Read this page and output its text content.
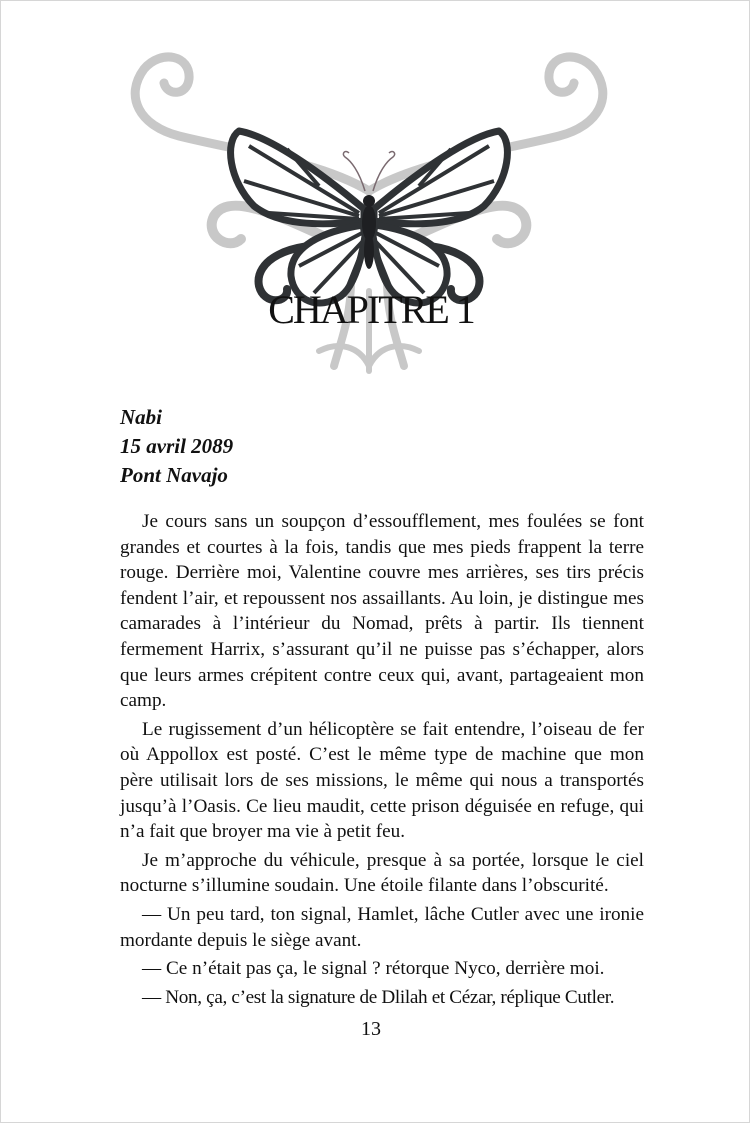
CHAPITRE 1
Nabi
15 avril 2089
Pont Navajo

Je cours sans un soupçon d’essoufflement, mes foulées se font grandes et courtes à la fois, tandis que mes pieds frappent la terre rouge. Derrière moi, Valentine couvre mes arrières, ses tirs précis fendent l’air, et repoussent nos assaillants. Au loin, je distingue mes camarades à l’intérieur du Nomad, prêts à partir. Ils tiennent fermement Harrix, s’assurant qu’il ne puisse pas s’échapper, alors que leurs armes crépitent contre ceux qui, avant, partageaient mon camp.

Le rugissement d’un hélicoptère se fait entendre, l’oiseau de fer où Appollox est posté. C’est le même type de machine que mon père utilisait lors de ses missions, le même qui nous a transportés jusqu’à l’Oasis. Ce lieu maudit, cette prison déguisée en refuge, qui n’a fait que broyer ma vie à petit feu.

Je m’approche du véhicule, presque à sa portée, lorsque le ciel nocturne s’illumine soudain. Une étoile filante dans l’obscurité.

— Un peu tard, ton signal, Hamlet, lâche Cutler avec une ironie mordante depuis le siège avant.

— Ce n’était pas ça, le signal ? rétorque Nyco, derrière moi.

— Non, ça, c’est la signature de Dlilah et Cézar, réplique Cutler.

13
